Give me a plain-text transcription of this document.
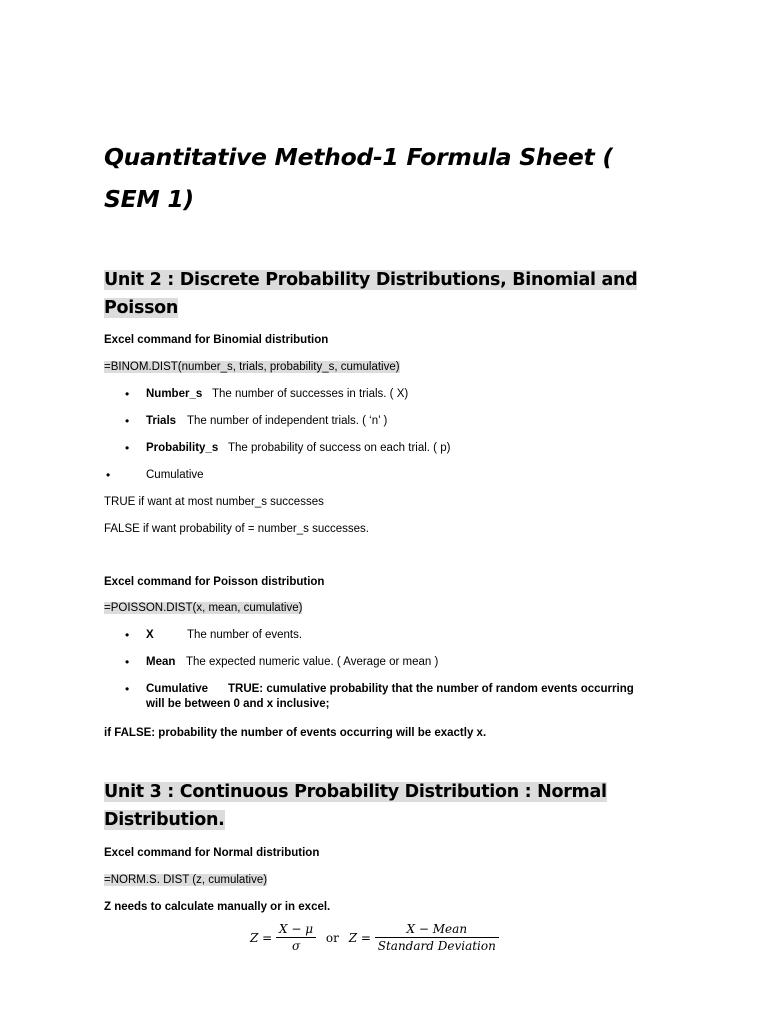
Quantitative Method-1 Formula Sheet ( SEM 1)
Unit 2 : Discrete Probability Distributions, Binomial and
Poisson
Excel command for Binomial distribution
=BINOM.DIST(number_s, trials, probability_s, cumulative)
• Number_s The number of successes in trials. ( X)
• Trials The number of independent trials. ( ‘n’ )
• Probability_s The probability of success on each trial. ( p)
•	Cumulative
TRUE if want at most number_s successes
FALSE if want probability of = number_s successes.
Excel command for Poisson distribution
=POISSON.DIST(x, mean, cumulative)
• X	The number of events.
• Mean The expected numeric value. ( Average or mean )
• Cumulative TRUE: cumulative probability that the number of random events occurring
will be between 0 and x inclusive;
if FALSE: probability the number of events occurring will be exactly x.
Unit 3 : Continuous Probability Distribution : Normal
Distribution.
Excel command for Normal distribution
=NORM.S. DIST (z, cumulative)
Z needs to calculate manually or in excel.
$Z = \frac{X - \mu}{\sigma}$ or $Z = \frac{\text{X − Mean}}{\text{Standard Deviation}}$
